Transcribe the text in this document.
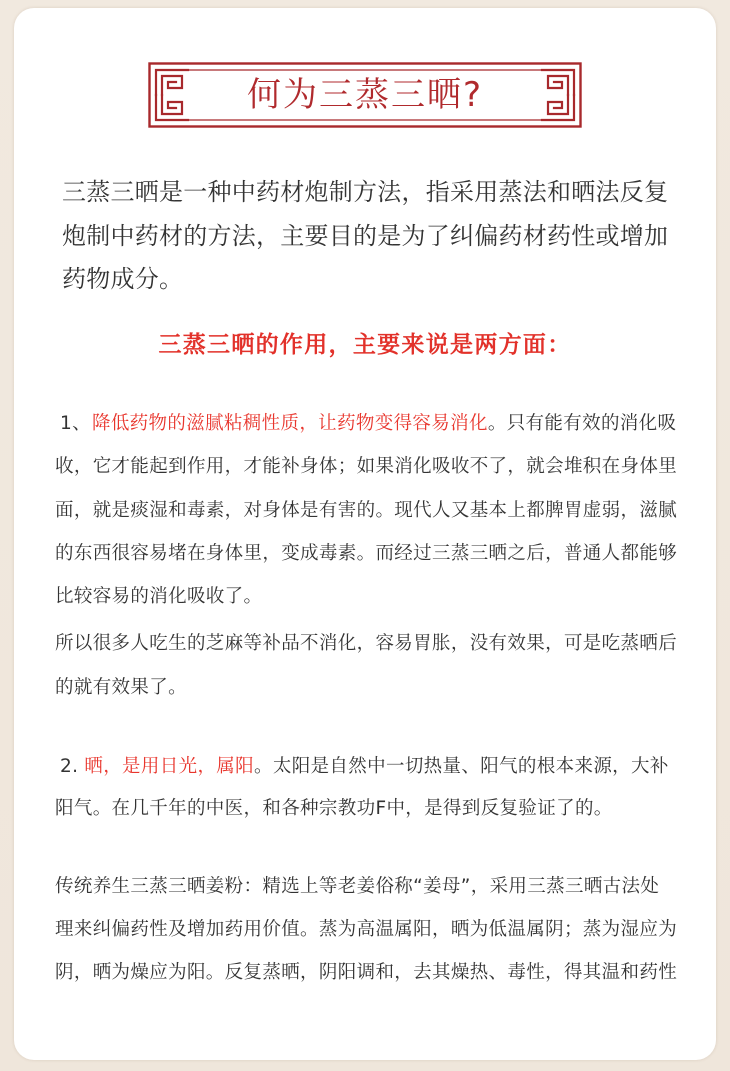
何为三蒸三晒?
三蒸三晒是一种中药材炮制方法，指采用蒸法和晒法反复
炮制中药材的方法，主要目的是为了纠偏药材药性或增加
药物成分。
三蒸三晒的作用，主要来说是两方面：
1、降低药物的滋腻粘稠性质，让药物变得容易消化。只有能有效的消化吸
收，它才能起到作用，才能补身体；如果消化吸收不了，就会堆积在身体里
面，就是痰湿和毒素，对身体是有害的。现代人又基本上都脾胃虚弱，滋腻
的东西很容易堵在身体里，变成毒素。而经过三蒸三晒之后，普通人都能够
比较容易的消化吸收了。
所以很多人吃生的芝麻等补品不消化，容易胃胀，没有效果，可是吃蒸晒后
的就有效果了。
2. 晒，是用日光，属阳。太阳是自然中一切热量、阳气的根本来源，大补
阳气。在几千年的中医，和各种宗教功F中，是得到反复验证了的。
传统养生三蒸三晒姜粉：精选上等老姜俗称“姜母”，采用三蒸三晒古法处
理来纠偏药性及增加药用价值。蒸为高温属阳，晒为低温属阴；蒸为湿应为
阴，晒为燥应为阳。反复蒸晒，阴阳调和，去其燥热、毒性，得其温和药性
